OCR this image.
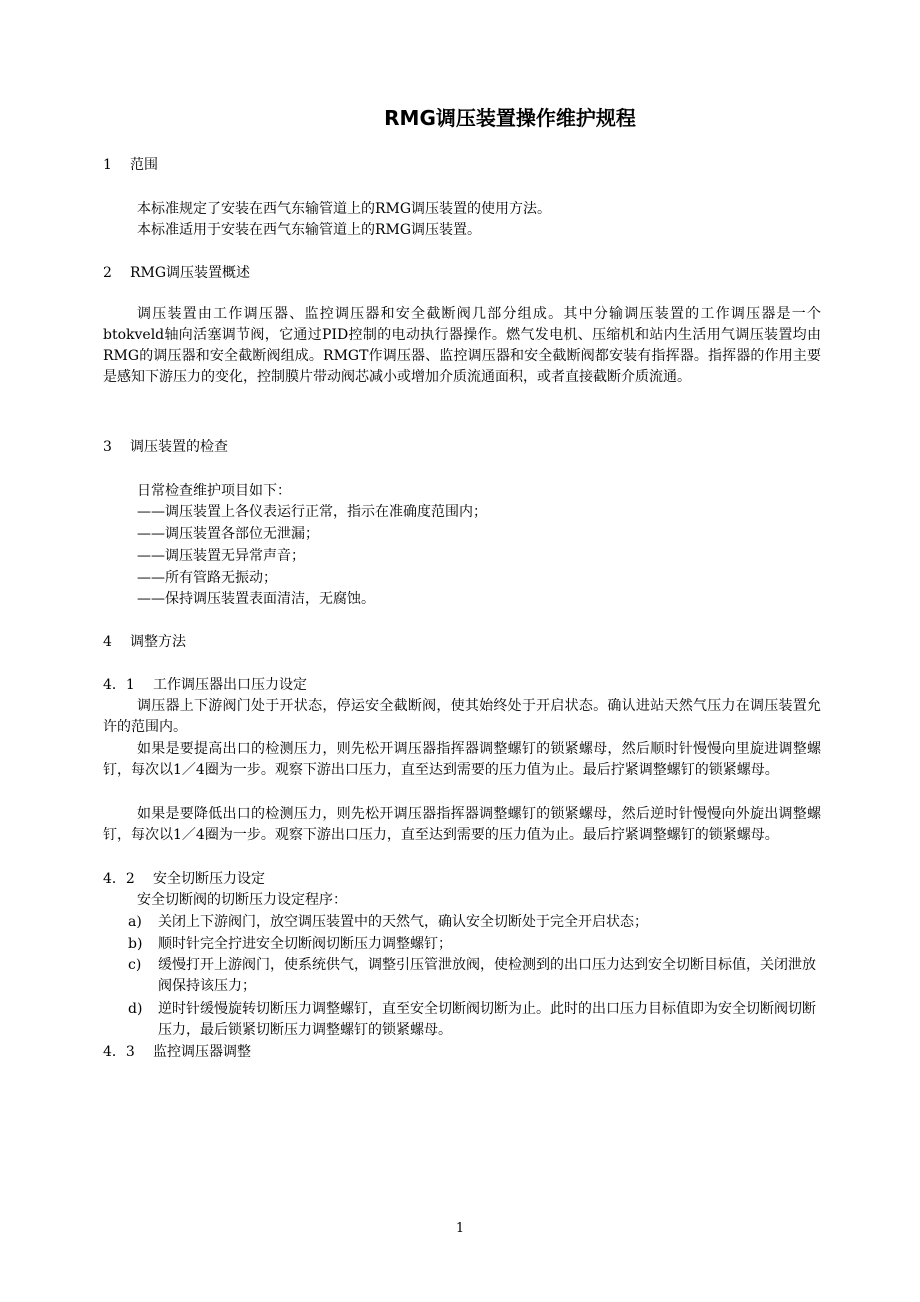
RMG调压装置操作维护规程
1 范围
本标准规定了安装在西气东输管道上的RMG调压装置的使用方法。
本标准适用于安装在西气东输管道上的RMG调压装置。
2 RMG调压装置概述
调压装置由工作调压器、监控调压器和安全截断阀几部分组成。其中分输调压装置的工作调压器是一个btokveld轴向活塞调节阀，它通过PID控制的电动执行器操作。燃气发电机、压缩机和站内生活用气调压装置均由RMG的调压器和安全截断阀组成。RMGT作调压器、监控调压器和安全截断阀都安装有指挥器。指挥器的作用主要是感知下游压力的变化，控制膜片带动阀芯减小或增加介质流通面积，或者直接截断介质流通。
3 调压装置的检查
日常检查维护项目如下：
——调压装置上各仪表运行正常，指示在准确度范围内；
——调压装置各部位无泄漏；
——调压装置无异常声音；
——所有管路无振动；
——保持调压装置表面清洁，无腐蚀。
4 调整方法
4．1 工作调压器出口压力设定
调压器上下游阀门处于开状态，停运安全截断阀，使其始终处于开启状态。确认进站天然气压力在调压装置允许的范围内。
如果是要提高出口的检测压力，则先松开调压器指挥器调整螺钉的锁紧螺母，然后顺时针慢慢向里旋进调整螺钉，每次以1／4圈为一步。观察下游出口压力，直至达到需要的压力值为止。最后拧紧调整螺钉的锁紧螺母。
如果是要降低出口的检测压力，则先松开调压器指挥器调整螺钉的锁紧螺母，然后逆时针慢慢向外旋出调整螺钉，每次以1／4圈为一步。观察下游出口压力，直至达到需要的压力值为止。最后拧紧调整螺钉的锁紧螺母。
4．2 安全切断压力设定
安全切断阀的切断压力设定程序：
a) 关闭上下游阀门，放空调压装置中的天然气，确认安全切断处于完全开启状态；
b) 顺时针完全拧进安全切断阀切断压力调整螺钉；
c) 缓慢打开上游阀门，使系统供气，调整引压管泄放阀，使检测到的出口压力达到安全切断目标值，关闭泄放阀保持该压力；
d) 逆时针缓慢旋转切断压力调整螺钉，直至安全切断阀切断为止。此时的出口压力目标值即为安全切断阀切断压力，最后锁紧切断压力调整螺钉的锁紧螺母。
4．3 监控调压器调整
1
